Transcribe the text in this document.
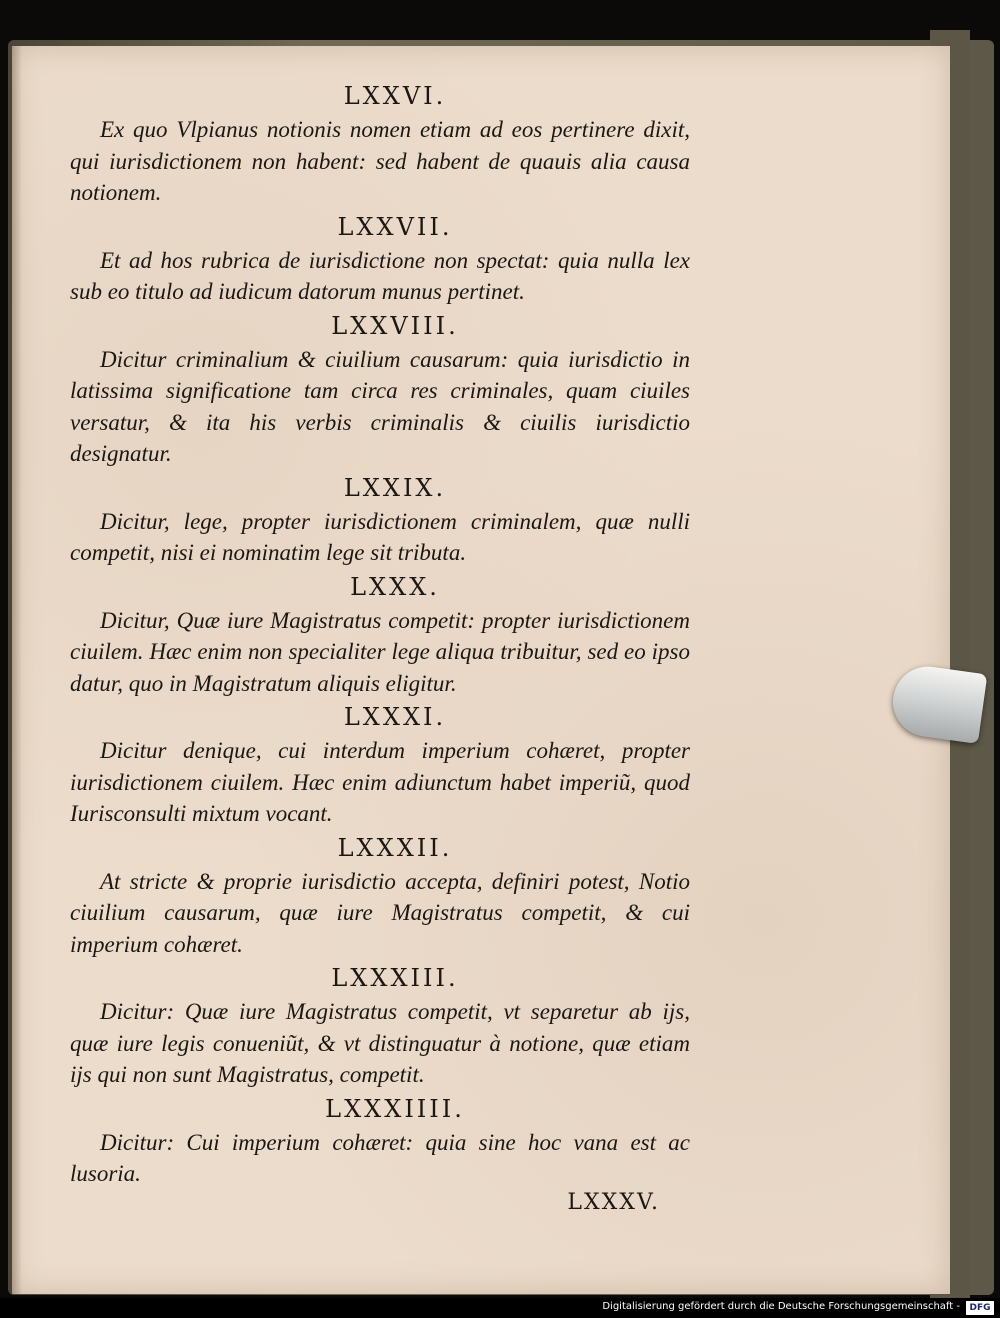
LXXVI.

Ex quo Vlpianus notionis nomen etiam ad eos pertinere dixit, qui iurisdictionem non habent: sed habent de quauis alia causa notionem.

LXXVII.

Et ad hos rubrica de iurisdictione non spectat: quia nulla lex sub eo titulo ad iudicum datorum munus pertinet.

LXXVIII.

Dicitur criminalium & ciuilium causarum: quia iurisdictio in latissima significatione tam circa res criminales, quam ciuiles versatur, & ita his verbis criminalis & ciuilis iurisdictio designatur.

LXXIX.

Dicitur, lege, propter iurisdictionem criminalem, quæ nulli competit, nisi ei nominatim lege sit tributa.

LXXX.

Dicitur, Quæ iure Magistratus competit: propter iurisdictionem ciuilem. Hæc enim non specialiter lege aliqua tribuitur, sed eo ipso datur, quo in Magistratum aliquis eligitur.

LXXXI.

Dicitur denique, cui interdum imperium cohæret, propter iurisdictionem ciuilem. Hæc enim adiunctum habet imperiũ, quod Iurisconsulti mixtum vocant.

LXXXII.

At stricte & proprie iurisdictio accepta, definiri potest, Notio ciuilium causarum, quæ iure Magistratus competit, & cui imperium cohæret.

LXXXIII.

Dicitur: Quæ iure Magistratus competit, vt separetur ab ijs, quæ iure legis conueniũt, & vt distinguatur à notione, quæ etiam ijs qui non sunt Magistratus, competit.

LXXXIIII.

Dicitur: Cui imperium cohæret: quia sine hoc vana est ac lusoria.

LXXXV.
Digitalisierung gefördert durch die Deutsche Forschungsgemeinschaft -	DFG
